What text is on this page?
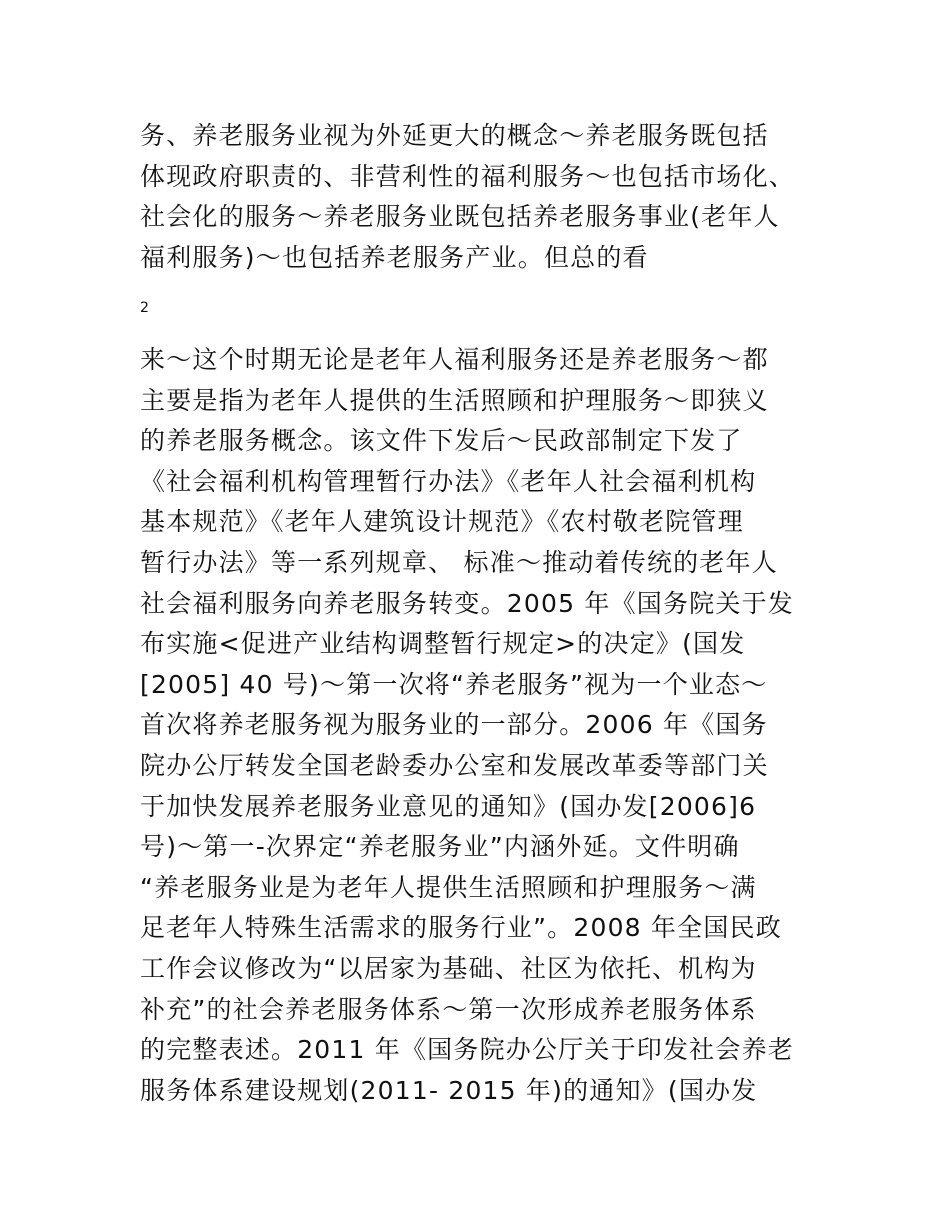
务、养老服务业视为外延更大的概念～养老服务既包括
体现政府职责的、非营利性的福利服务～也包括市场化、
社会化的服务～养老服务业既包括养老服务事业(老年人
福利服务)～也包括养老服务产业。但总的看
2
来～这个时期无论是老年人福利服务还是养老服务～都
主要是指为老年人提供的生活照顾和护理服务～即狭义
的养老服务概念。该文件下发后～民政部制定下发了
《社会福利机构管理暂行办法》《老年人社会福利机构
基本规范》《老年人建筑设计规范》《农村敬老院管理
暂行办法》等一系列规章、 标准～推动着传统的老年人
社会福利服务向养老服务转变。2005 年《国务院关于发
布实施<促进产业结构调整暂行规定>的决定》(国发
[2005] 40 号)～第一次将“养老服务”视为一个业态～
首次将养老服务视为服务业的一部分。2006 年《国务
院办公厅转发全国老龄委办公室和发展改革委等部门关
于加快发展养老服务业意见的通知》(国办发[2006]6
号)～第一-次界定“养老服务业”内涵外延。文件明确
“养老服务业是为老年人提供生活照顾和护理服务～满
足老年人特殊生活需求的服务行业”。2008 年全国民政
工作会议修改为“以居家为基础、社区为依托、机构为
补充”的社会养老服务体系～第一次形成养老服务体系
的完整表述。2011 年《国务院办公厅关于印发社会养老
服务体系建设规划(2011- 2015 年)的通知》(国办发
